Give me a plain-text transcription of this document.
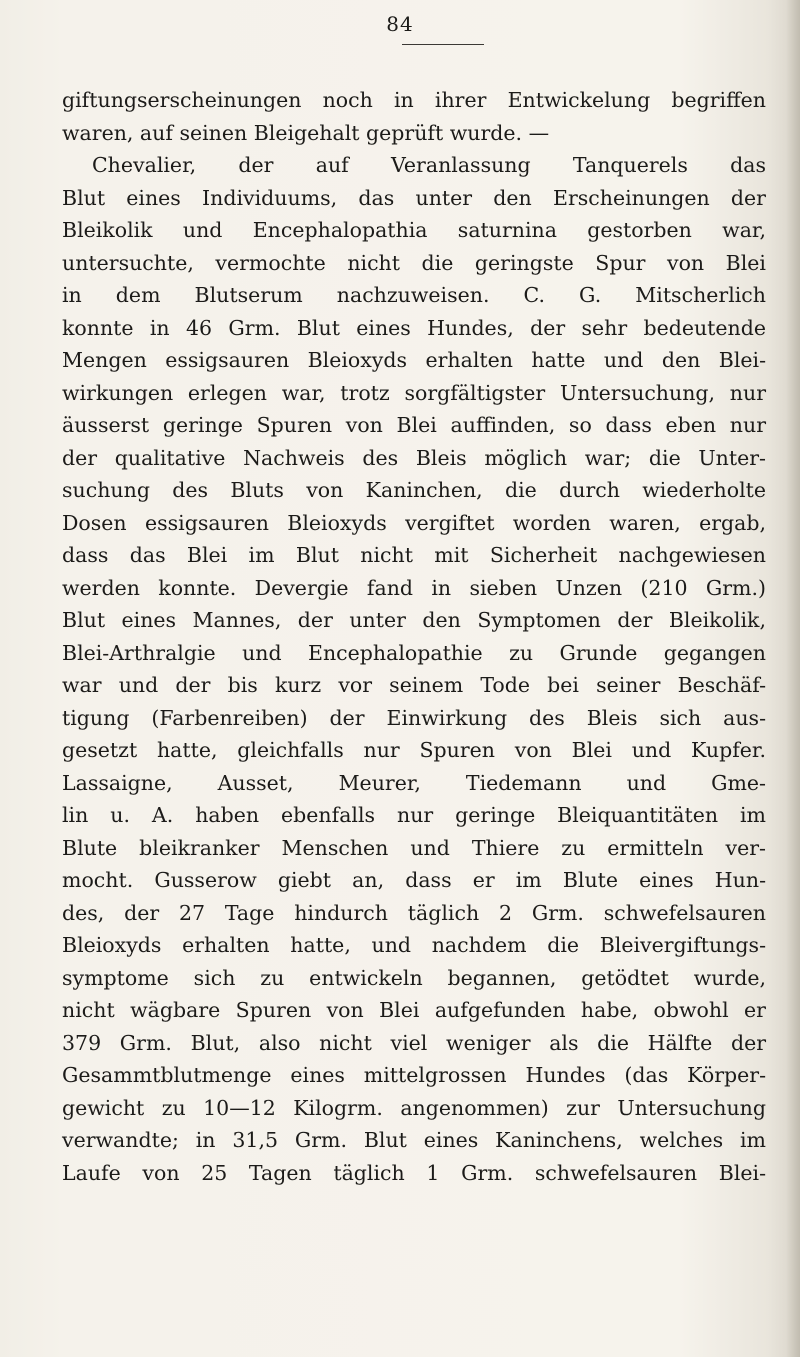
84
giftungserscheinungen noch in ihrer Entwickelung begriffen
waren, auf seinen Bleigehalt geprüft wurde. —
Chevalier, der auf Veranlassung Tanquerels das
Blut eines Individuums, das unter den Erscheinungen der
Bleikolik und Encephalopathia saturnina gestorben war,
untersuchte, vermochte nicht die geringste Spur von Blei
in dem Blutserum nachzuweisen. C. G. Mitscherlich
konnte in 46 Grm. Blut eines Hundes, der sehr bedeutende
Mengen essigsauren Bleioxyds erhalten hatte und den Blei-
wirkungen erlegen war, trotz sorgfältigster Untersuchung, nur
äusserst geringe Spuren von Blei auffinden, so dass eben nur
der qualitative Nachweis des Bleis möglich war; die Unter-
suchung des Bluts von Kaninchen, die durch wiederholte
Dosen essigsauren Bleioxyds vergiftet worden waren, ergab,
dass das Blei im Blut nicht mit Sicherheit nachgewiesen
werden konnte. Devergie fand in sieben Unzen (210 Grm.)
Blut eines Mannes, der unter den Symptomen der Bleikolik,
Blei-Arthralgie und Encephalopathie zu Grunde gegangen
war und der bis kurz vor seinem Tode bei seiner Beschäf-
tigung (Farbenreiben) der Einwirkung des Bleis sich aus-
gesetzt hatte, gleichfalls nur Spuren von Blei und Kupfer.
Lassaigne, Ausset, Meurer, Tiedemann und Gme-
lin u. A. haben ebenfalls nur geringe Bleiquantitäten im
Blute bleikranker Menschen und Thiere zu ermitteln ver-
mocht. Gusserow giebt an, dass er im Blute eines Hun-
des, der 27 Tage hindurch täglich 2 Grm. schwefelsauren
Bleioxyds erhalten hatte, und nachdem die Bleivergiftungs-
symptome sich zu entwickeln begannen, getödtet wurde,
nicht wägbare Spuren von Blei aufgefunden habe, obwohl er
379 Grm. Blut, also nicht viel weniger als die Hälfte der
Gesammtblutmenge eines mittelgrossen Hundes (das Körper-
gewicht zu 10—12 Kilogrm. angenommen) zur Untersuchung
verwandte; in 31,5 Grm. Blut eines Kaninchens, welches im
Laufe von 25 Tagen täglich 1 Grm. schwefelsauren Blei-
